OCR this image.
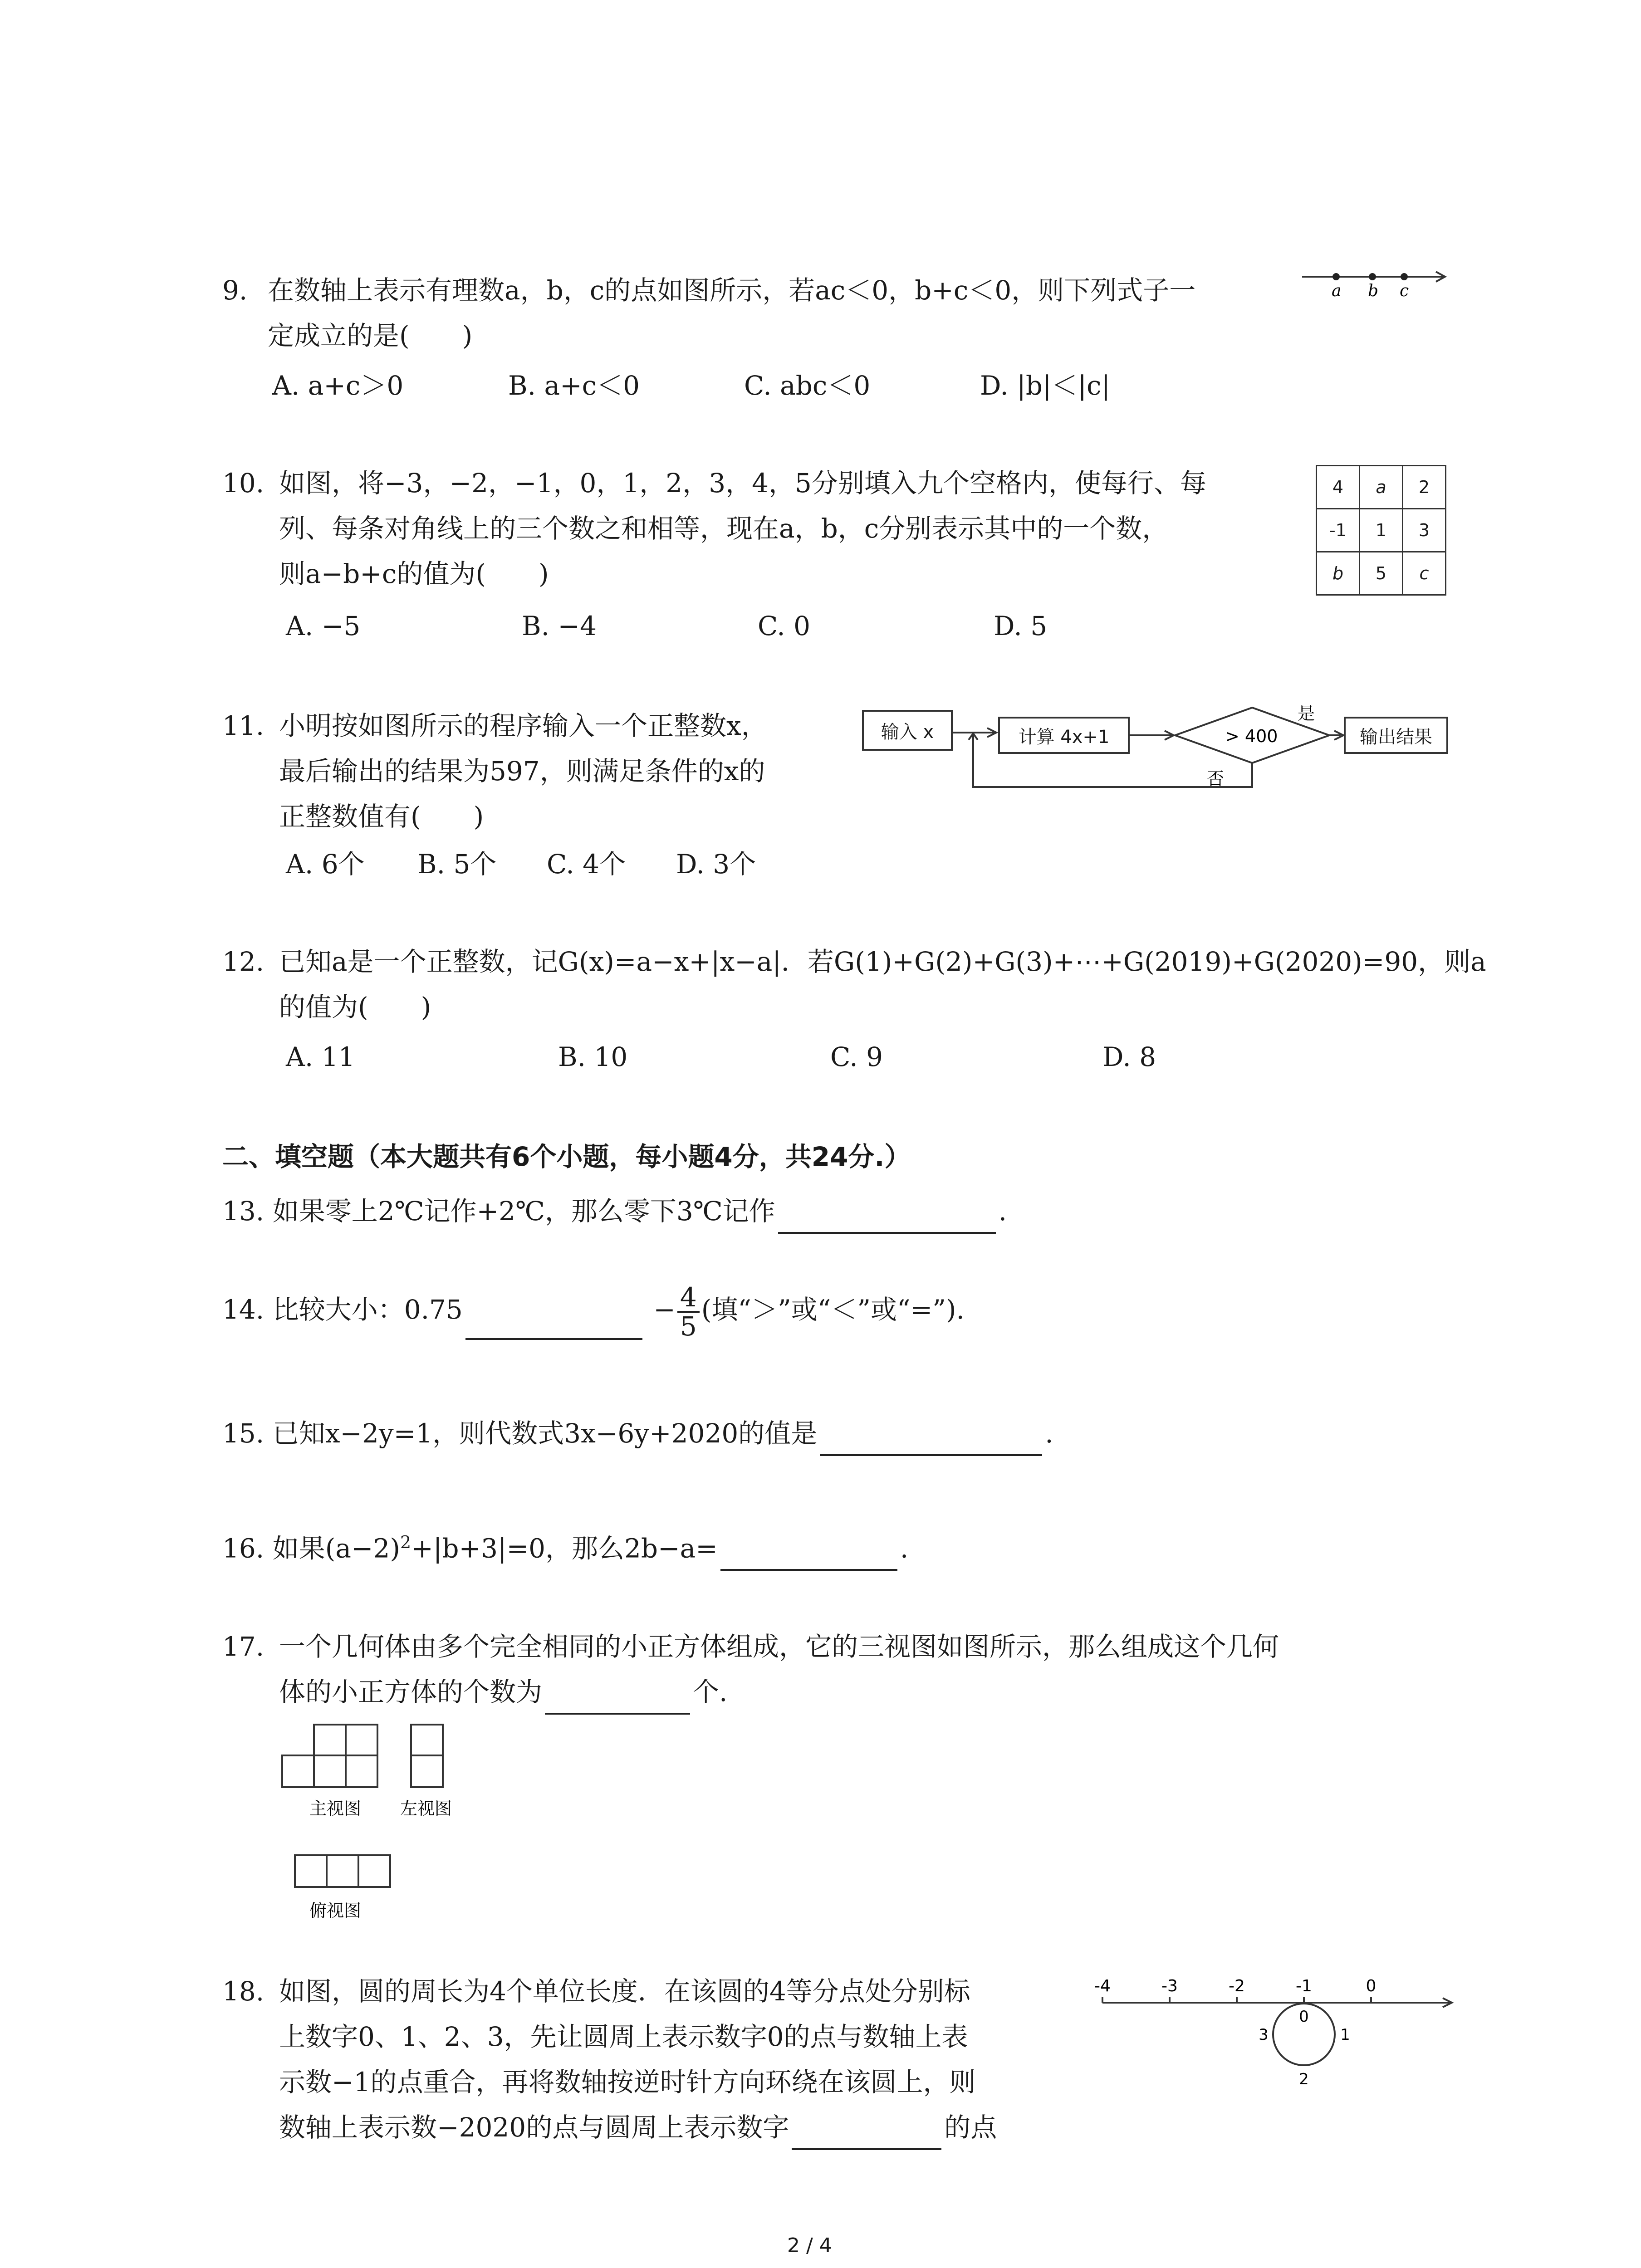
9. 在数轴上表示有理数a，b，c的点如图所示，若ac＜0，b+c＜0，则下列式子一
定成立的是(　　)
A. a+c＞0	B. a+c＜0	C. abc＜0	D. |b|＜|c|
a b c
10. 如图，将−3，−2，−1，0，1，2，3，4，5分别填入九个空格内，使每行、每
列、每条对角线上的三个数之和相等，现在a，b，c分别表示其中的一个数，
则a−b+c的值为(　　)
A. −5	B. −4	C. 0	D. 5
4	a	2
-1	1	3
b	5	c
11. 小明按如图所示的程序输入一个正整数x，
最后输出的结果为597，则满足条件的x的
正整数值有(　　)
A. 6个 B. 5个 C. 4个 D. 3个
输入 x	计算 4x+1	> 400
是
否
输出结果
12. 已知a是一个正整数，记G(x)=a−x+|x−a|．若G(1)+G(2)+G(3)+⋯+G(2019)+G(2020)=90，则a
的值为(　　)
A. 11	B. 10	C. 9	D. 8
二、填空题（本大题共有6个小题，每小题4分，共24分.）
13. 如果零上2℃记作+2℃，那么零下3℃记作	.
14. 比较大小：0.75	− $\frac{4}{5}$ (填“＞”或“＜”或“=”).
15. 已知x−2y=1，则代数式3x−6y+2020的值是	.
16. 如果$(a-2)^2+|b+3|=0$，那么2b−a=	.
17. 一个几何体由多个完全相同的小正方体组成，它的三视图如图所示，那么组成这个几何
体的小正方体的个数为	个.
主视图 左视图
俯视图
18. 如图，圆的周长为4个单位长度．在该圆的4等分点处分别标
上数字0、1、2、3，先让圆周上表示数字0的点与数轴上表
示数−1的点重合，再将数轴按逆时针方向环绕在该圆上，则
数轴上表示数−2020的点与圆周上表示数字	的点
-4	-3	-2	-1	0
0
1
2
3
2 / 4
